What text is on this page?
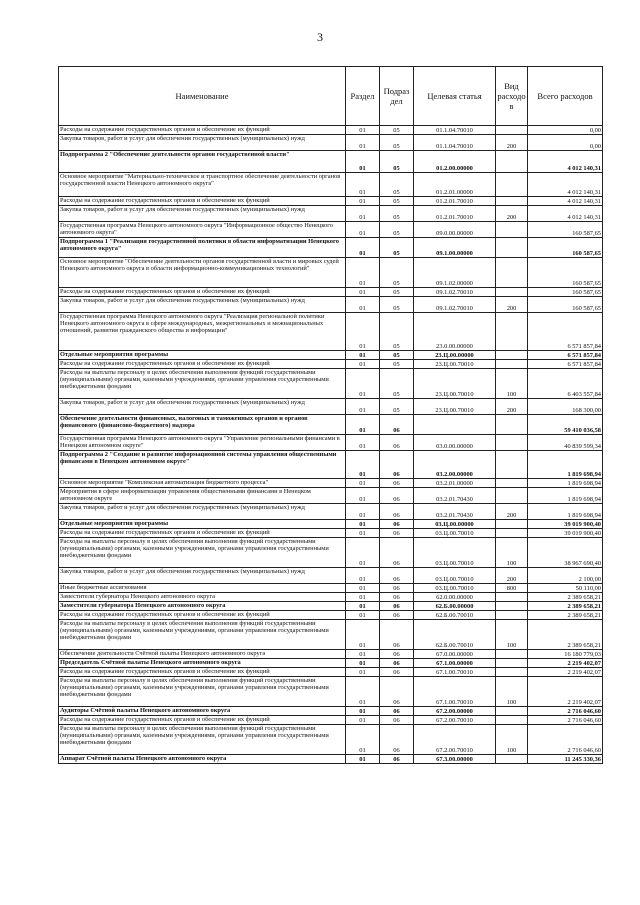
3
Наименование	Раздел	Подраз дел	Целевая статья	Вид расходо в	Всего расходов
Расходы на содержание государственных органов и обеспечение их функций	01	05	01.1.04.70010		0,00
Закупка товаров, работ и услуг для обеспечения государственных (муниципальных) нужд	01	05	01.1.04.70010	200	0,00
Подпрограмма 2 "Обеспечение деятельности органов государственной власти"	01	05	01.2.00.00000		4 012 140,31
Основное мероприятие "Материально-техническое и транспортное обеспечение деятельности органов государственной власти Ненецкого автономного округа"	01	05	01.2.01.00000		4 012 140,31
Расходы на содержание государственных органов и обеспечение их функций	01	05	01.2.01.70010		4 012 140,31
Закупка товаров, работ и услуг для обеспечения государственных (муниципальных) нужд	01	05	01.2.01.70010	200	4 012 140,31
Государственная программа Ненецкого автономного округа "Информационное общество Ненецкого автономного округа"	01	05	09.0.00.00000		160 587,65
Подпрограмма 1 "Реализация государственной политики в области информатизации Ненецкого автономного округа"	01	05	09.1.00.00000		160 587,65
Основное мероприятие "Обеспечение деятельности органов государственной власти и мировых судей Ненецкого автономного округа в области информационно-коммуникационных технологий"	01	05	09.1.02.00000		160 587,65
Расходы на содержание государственных органов и обеспечение их функций	01	05	09.1.02.70010		160 587,65
Закупка товаров, работ и услуг для обеспечения государственных (муниципальных) нужд	01	05	09.1.02.70010	200	160 587,65
Государственная программа Ненецкого автономного округа "Реализация региональной политики Ненецкого автономного округа в сфере международных, межрегиональных и межнациональных отношений, развития гражданского общества и информации"	01	05	23.0.00.00000		6 571 857,84
Отдельные мероприятия программы	01	05	23.Ц.00.00000		6 571 857,84
Расходы на содержание государственных органов и обеспечение их функций	01	05	23.Ц.00.70010		6 571 857,84
Расходы на выплаты персоналу в целях обеспечения выполнения функций государственными (муниципальными) органами, казенными учреждениями, органами управления государственными внебюджетными фондами	01	05	23.Ц.00.70010	100	6 403 557,84
Закупка товаров, работ и услуг для обеспечения государственных (муниципальных) нужд	01	05	23.Ц.00.70010	200	168 300,00
Обеспечение деятельности финансовых, налоговых и таможенных органов и органов финансового (финансово-бюджетного) надзора	01	06			59 410 036,58
Государственная программа Ненецкого автономного округа "Управление региональными финансами в Ненецком автономном округе"	01	06	03.0.00.00000		40 839 599,34
Подпрограмма 2 "Создание и развитие информационной системы управления общественными финансами в Ненецком автономном округе"	01	06	03.2.00.00000		1 819 698,94
Основное мероприятие "Комплексная автоматизация бюджетного процесса"	01	06	03.2.01.00000		1 819 698,94
Мероприятия в сфере информатизации управления общественными финансами в Ненецком автономном округе	01	06	03.2.01.70430		1 819 698,94
Закупка товаров, работ и услуг для обеспечения государственных (муниципальных) нужд	01	06	03.2.01.70430	200	1 819 698,94
Отдельные мероприятия программы	01	06	03.Ц.00.00000		39 019 900,40
Расходы на содержание государственных органов и обеспечение их функций	01	06	03.Ц.00.70010		39 019 900,40
Расходы на выплаты персоналу в целях обеспечения выполнения функций государственными (муниципальными) органами, казенными учреждениями, органами управления государственными внебюджетными фондами	01	06	03.Ц.00.70010	100	38 967 690,40
Закупка товаров, работ и услуг для обеспечения государственных (муниципальных) нужд	01	06	03.Ц.00.70010	200	2 100,00
Иные бюджетные ассигнования	01	06	03.Ц.00.70010	800	50 110,00
Заместители губернатора Ненецкого автономного округа	01	06	62.0.00.00000		2 389 658,21
Заместители губернатора Ненецкого автономного округа	01	06	62.Б.00.00000		2 389 658,21
Расходы на содержание государственных органов и обеспечение их функций	01	06	62.Б.00.70010		2 389 658,21
Расходы на выплаты персоналу в целях обеспечения выполнения функций государственными (муниципальными) органами, казенными учреждениями, органами управления государственными внебюджетными фондами	01	06	62.Б.00.70010	100	2 389 658,21
Обеспечение деятельности Счётной палаты Ненецкого автономного округа	01	06	67.0.00.00000		16 180 779,03
Председатель Счётной палаты Ненецкого автономного округа	01	06	67.1.00.00000		2 219 402,07
Расходы на содержание государственных органов и обеспечение их функций	01	06	67.1.00.70010		2 219 402,07
Расходы на выплаты персоналу в целях обеспечения выполнения функций государственными (муниципальными) органами, казенными учреждениями, органами управления государственными внебюджетными фондами	01	06	67.1.00.70010	100	2 219 402,07
Аудиторы Счётной палаты Ненецкого автономного округа	01	06	67.2.00.00000		2 716 046,60
Расходы на содержание государственных органов и обеспечение их функций	01	06	67.2.00.70010		2 716 046,60
Расходы на выплаты персоналу в целях обеспечения выполнения функций государственными (муниципальными) органами, казенными учреждениями, органами управления государственными внебюджетными фондами	01	06	67.2.00.70010	100	2 716 046,60
Аппарат Счётной палаты Ненецкого автономного округа	01	06	67.3.00.00000		11 245 330,36
